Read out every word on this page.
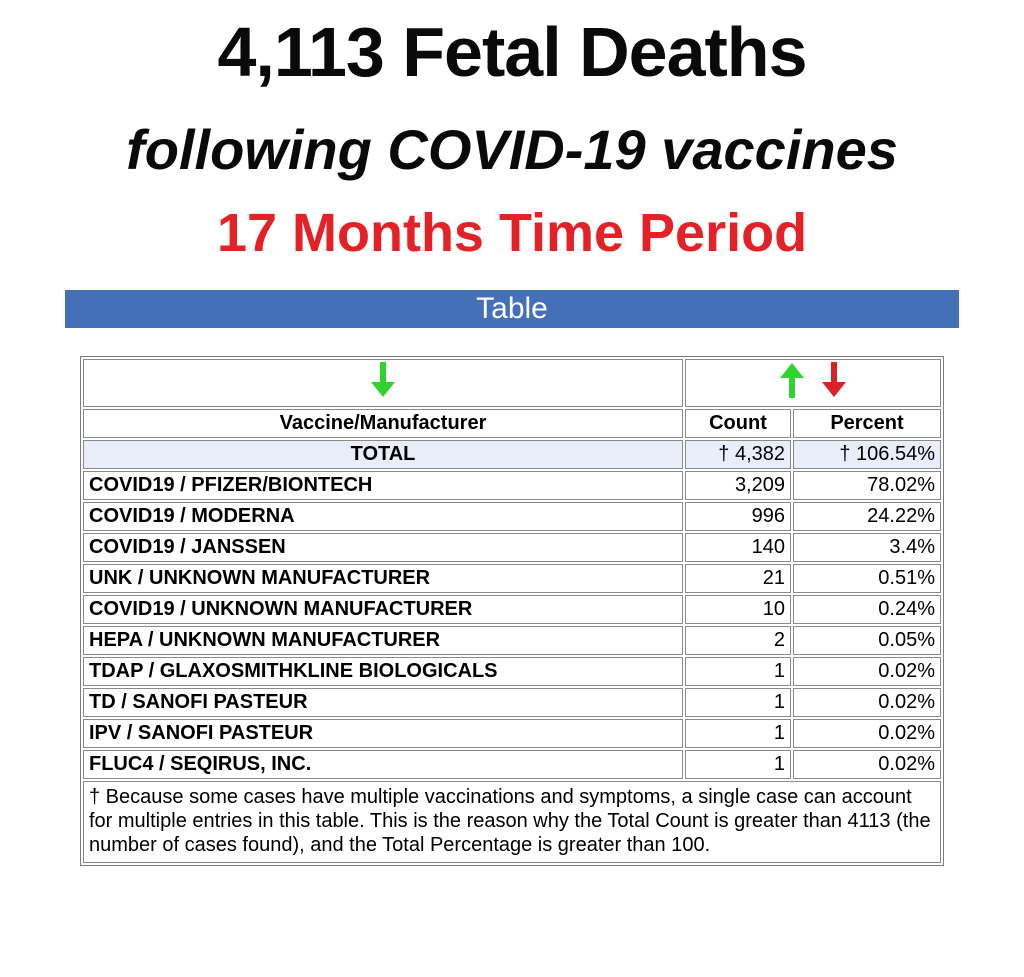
4,113 Fetal Deaths
following COVID-19 vaccines
17 Months Time Period
Table

Vaccine/Manufacturer	Count	Percent
TOTAL	† 4,382	† 106.54%
COVID19 / PFIZER/BIONTECH	3,209	78.02%
COVID19 / MODERNA	996	24.22%
COVID19 / JANSSEN	140	3.4%
UNK / UNKNOWN MANUFACTURER	21	0.51%
COVID19 / UNKNOWN MANUFACTURER	10	0.24%
HEPA / UNKNOWN MANUFACTURER	2	0.05%
TDAP / GLAXOSMITHKLINE BIOLOGICALS	1	0.02%
TD / SANOFI PASTEUR	1	0.02%
IPV / SANOFI PASTEUR	1	0.02%
FLUC4 / SEQIRUS, INC.	1	0.02%
† Because some cases have multiple vaccinations and symptoms, a single case can account for multiple entries in this table. This is the reason why the Total Count is greater than 4113 (the number of cases found), and the Total Percentage is greater than 100.		
